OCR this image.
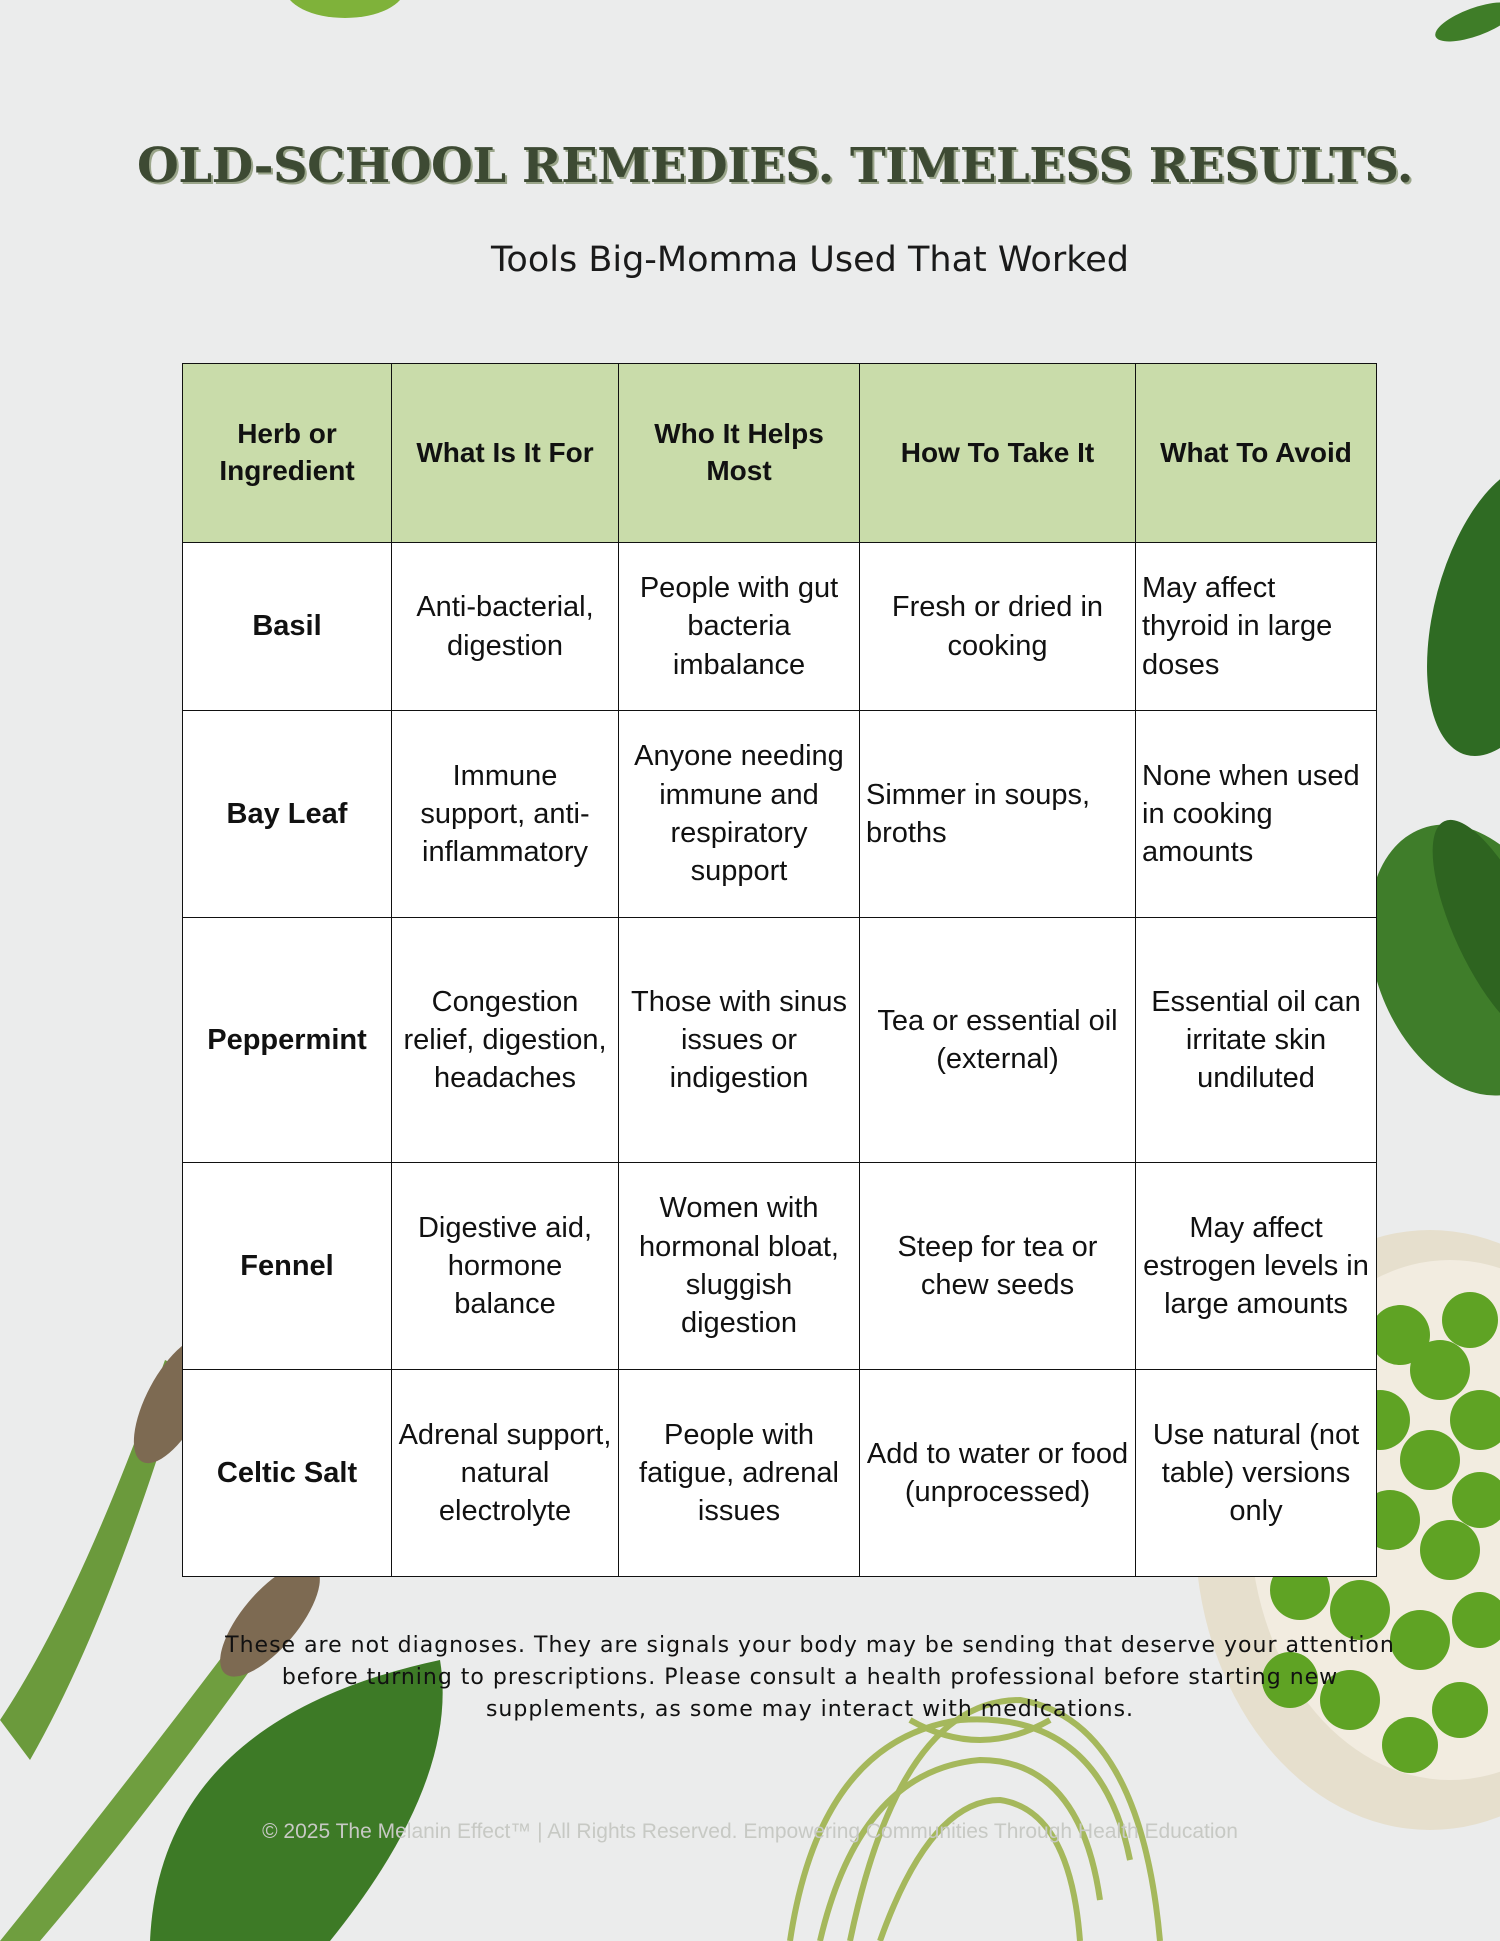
OLD-SCHOOL REMEDIES. TIMELESS RESULTS.

Tools Big-Momma Used That Worked

Herb or Ingredient	What Is It For	Who It Helps Most	How To Take It	What To Avoid
Basil	Anti-bacterial, digestion	People with gut bacteria imbalance	Fresh or dried in cooking	May affect thyroid in large doses
Bay Leaf	Immune support, anti-inflammatory	Anyone needing immune and respiratory support	Simmer in soups, broths	None when used in cooking amounts
Peppermint	Congestion relief, digestion, headaches	Those with sinus issues or indigestion	Tea or essential oil (external)	Essential oil can irritate skin undiluted
Fennel	Digestive aid, hormone balance	Women with hormonal bloat, sluggish digestion	Steep for tea or chew seeds	May affect estrogen levels in large amounts
Celtic Salt	Adrenal support, natural electrolyte	People with fatigue, adrenal issues	Add to water or food (unprocessed)	Use natural (not table) versions only

These are not diagnoses. They are signals your body may be sending that deserve your attention before turning to prescriptions. Please consult a health professional before starting new supplements, as some may interact with medications.

© 2025 The Melanin Effect™ | All Rights Reserved. Empowering Communities Through Health Education
